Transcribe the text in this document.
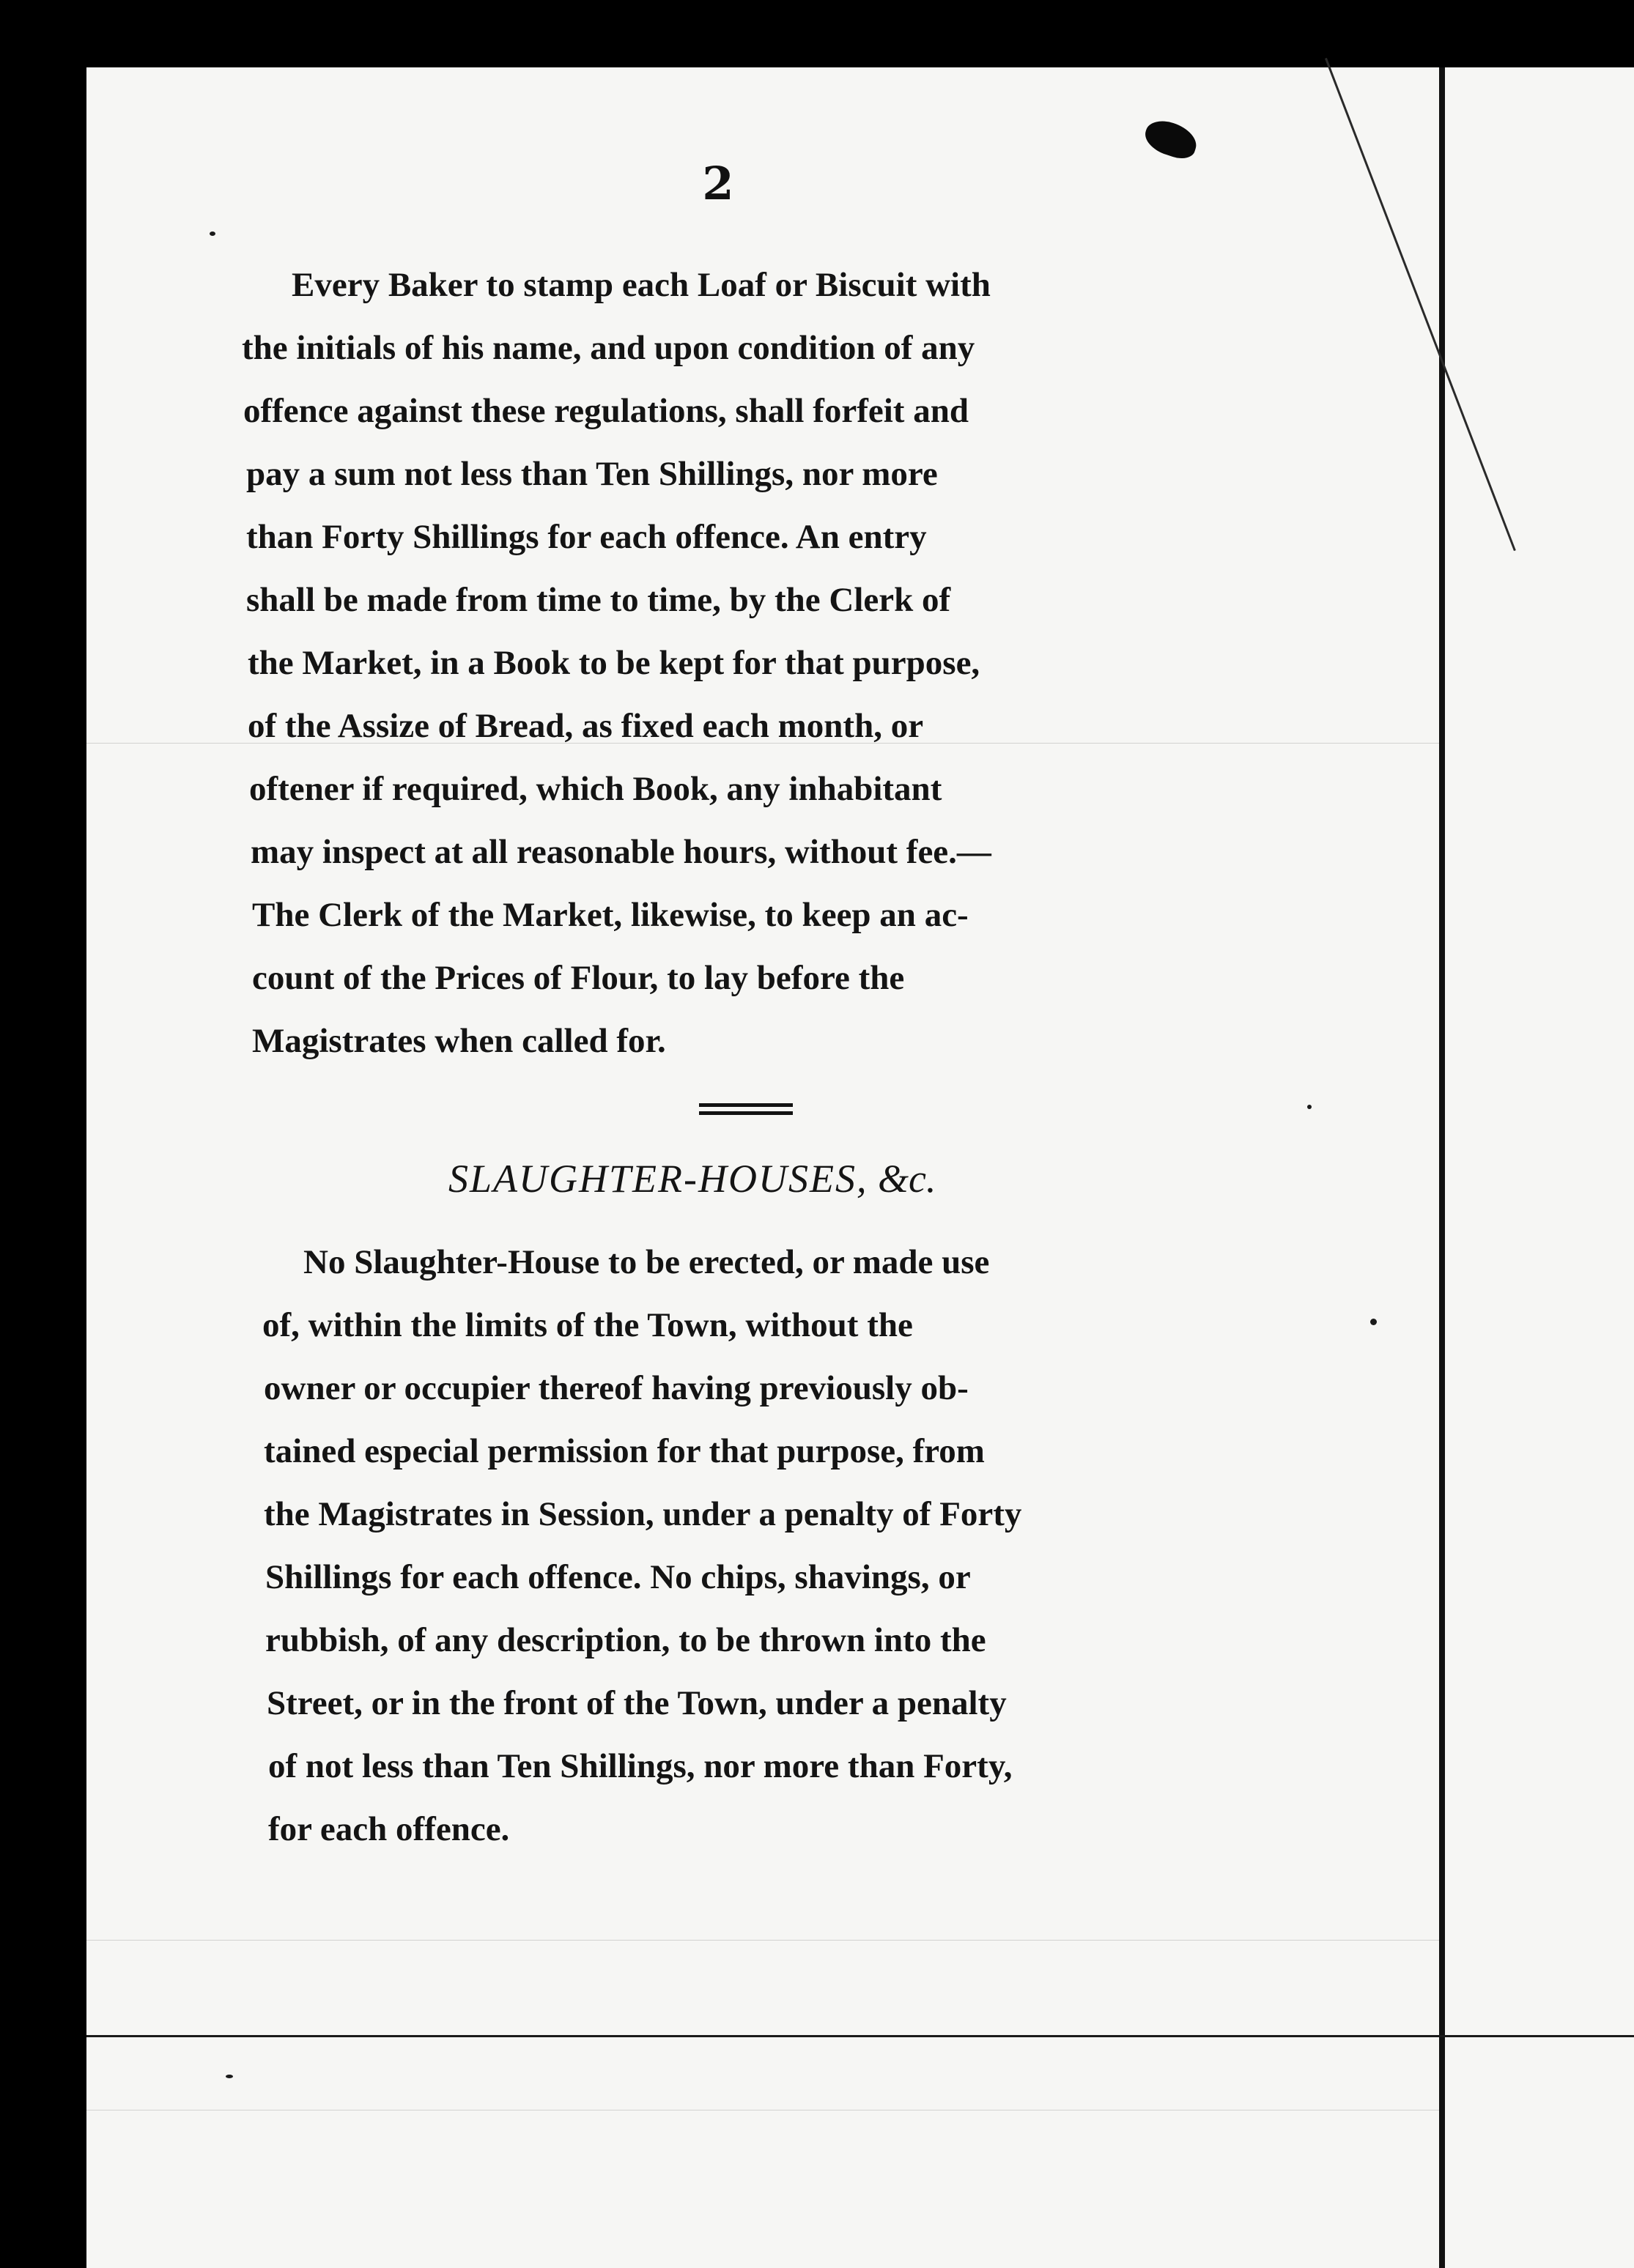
2
Every Baker to stamp each Loaf or Biscuit with
the initials of his name, and upon condition of any
offence against these regulations, shall forfeit and
pay a sum not less than Ten Shillings, nor more
than Forty Shillings for each offence. An entry
shall be made from time to time, by the Clerk of
the Market, in a Book to be kept for that purpose,
of the Assize of Bread, as fixed each month, or
oftener if required, which Book, any inhabitant
may inspect at all reasonable hours, without fee.—
The Clerk of the Market, likewise, to keep an ac-
count of the Prices of Flour, to lay before the
Magistrates when called for.
SLAUGHTER-HOUSES, &c.
No Slaughter-House to be erected, or made use
of, within the limits of the Town, without the
owner or occupier thereof having previously ob-
tained especial permission for that purpose, from
the Magistrates in Session, under a penalty of Forty
Shillings for each offence. No chips, shavings, or
rubbish, of any description, to be thrown into the
Street, or in the front of the Town, under a penalty
of not less than Ten Shillings, nor more than Forty,
for each offence.
